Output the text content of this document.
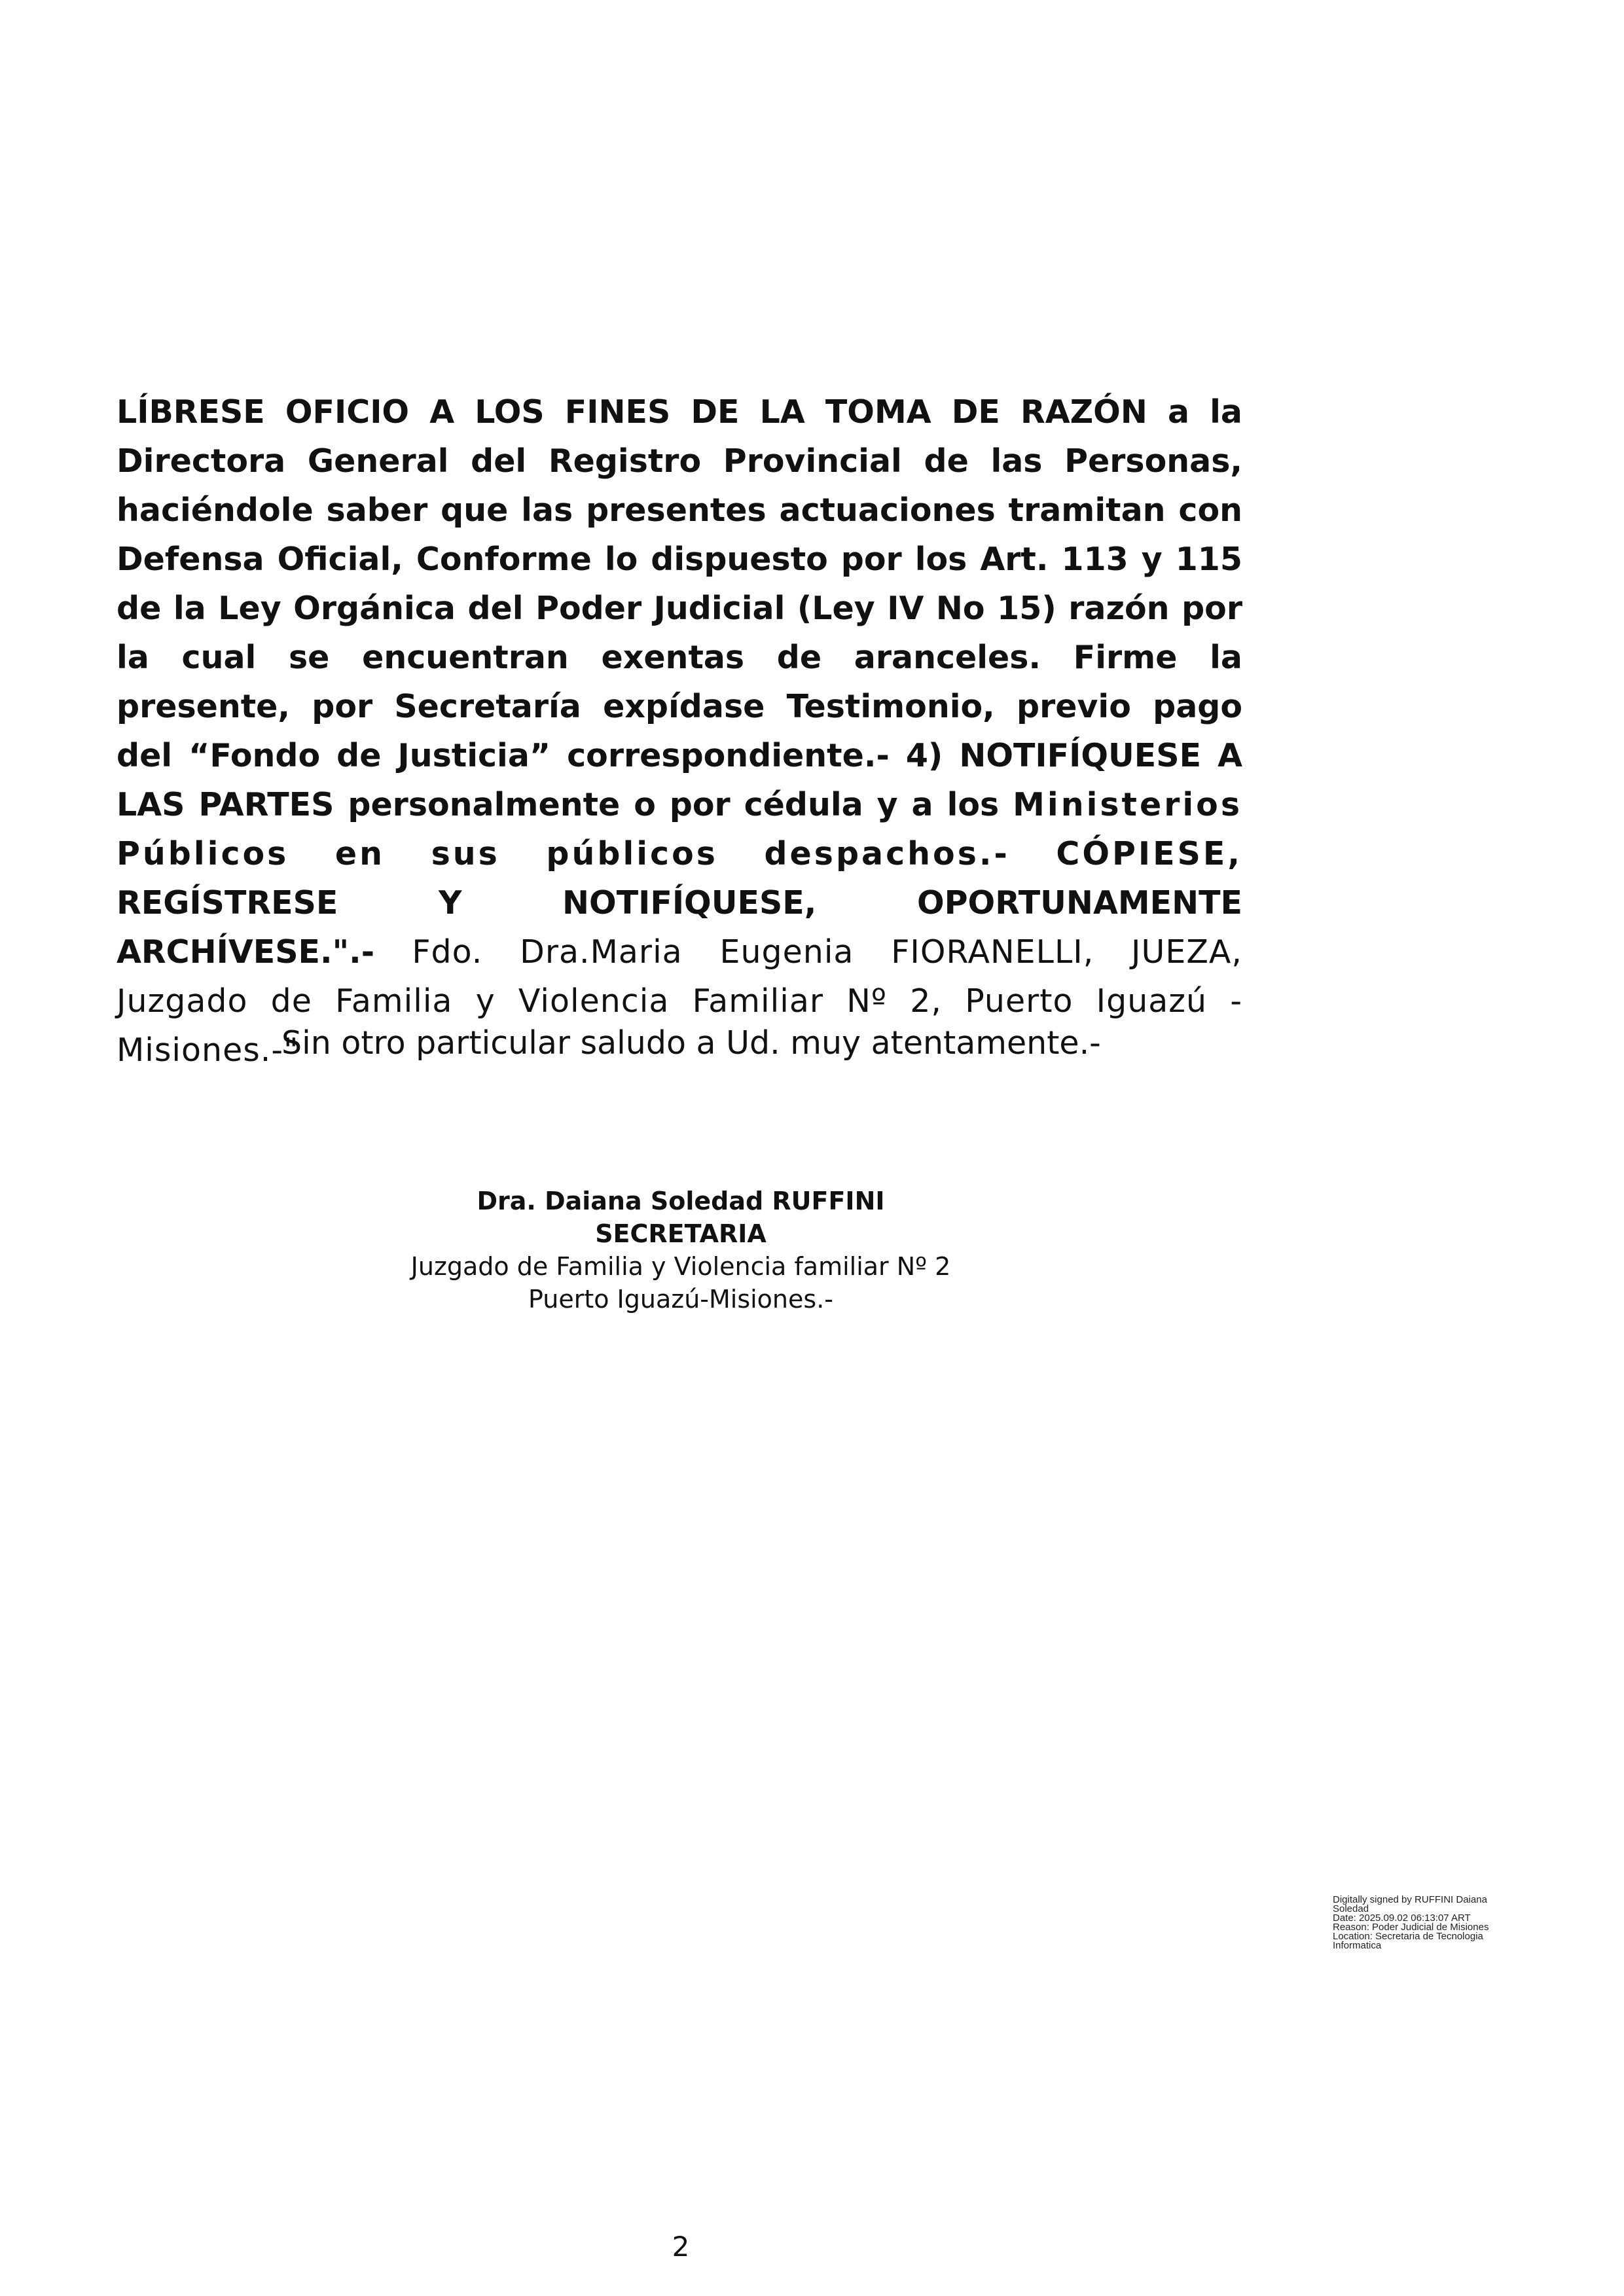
LÍBRESE OFICIO A LOS FINES DE LA TOMA DE RAZÓN a la Directora General del Registro Provincial de las Personas, haciéndole saber que las presentes actuaciones tramitan con Defensa Oficial, Conforme lo dispuesto por los Art. 113 y 115 de la Ley Orgánica del Poder Judicial (Ley IV No 15) razón por la cual se encuentran exentas de aranceles. Firme la presente, por Secretaría expídase Testimonio, previo pago del “Fondo de Justicia” correspondiente.- 4) NOTIFÍQUESE A LAS PARTES personalmente o por cédula y a los Ministerios Públicos en sus públicos despachos.- CÓPIESE, REGÍSTRESE Y NOTIFÍQUESE, OPORTUNAMENTE ARCHÍVESE.".- Fdo. Dra.Maria Eugenia FIORANELLI, JUEZA, Juzgado de Familia y Violencia Familiar Nº 2, Puerto Iguazú - Misiones.-"

Sin otro particular saludo a Ud. muy atentamente.-

Dra. Daiana Soledad RUFFINI
SECRETARIA
Juzgado de Familia y Violencia familiar Nº 2
Puerto Iguazú-Misiones.-
Digitally signed by RUFFINI Daiana
Soledad
Date: 2025.09.02 06:13:07 ART
Reason: Poder Judicial de Misiones
Location: Secretaria de Tecnologia
Informatica
2
